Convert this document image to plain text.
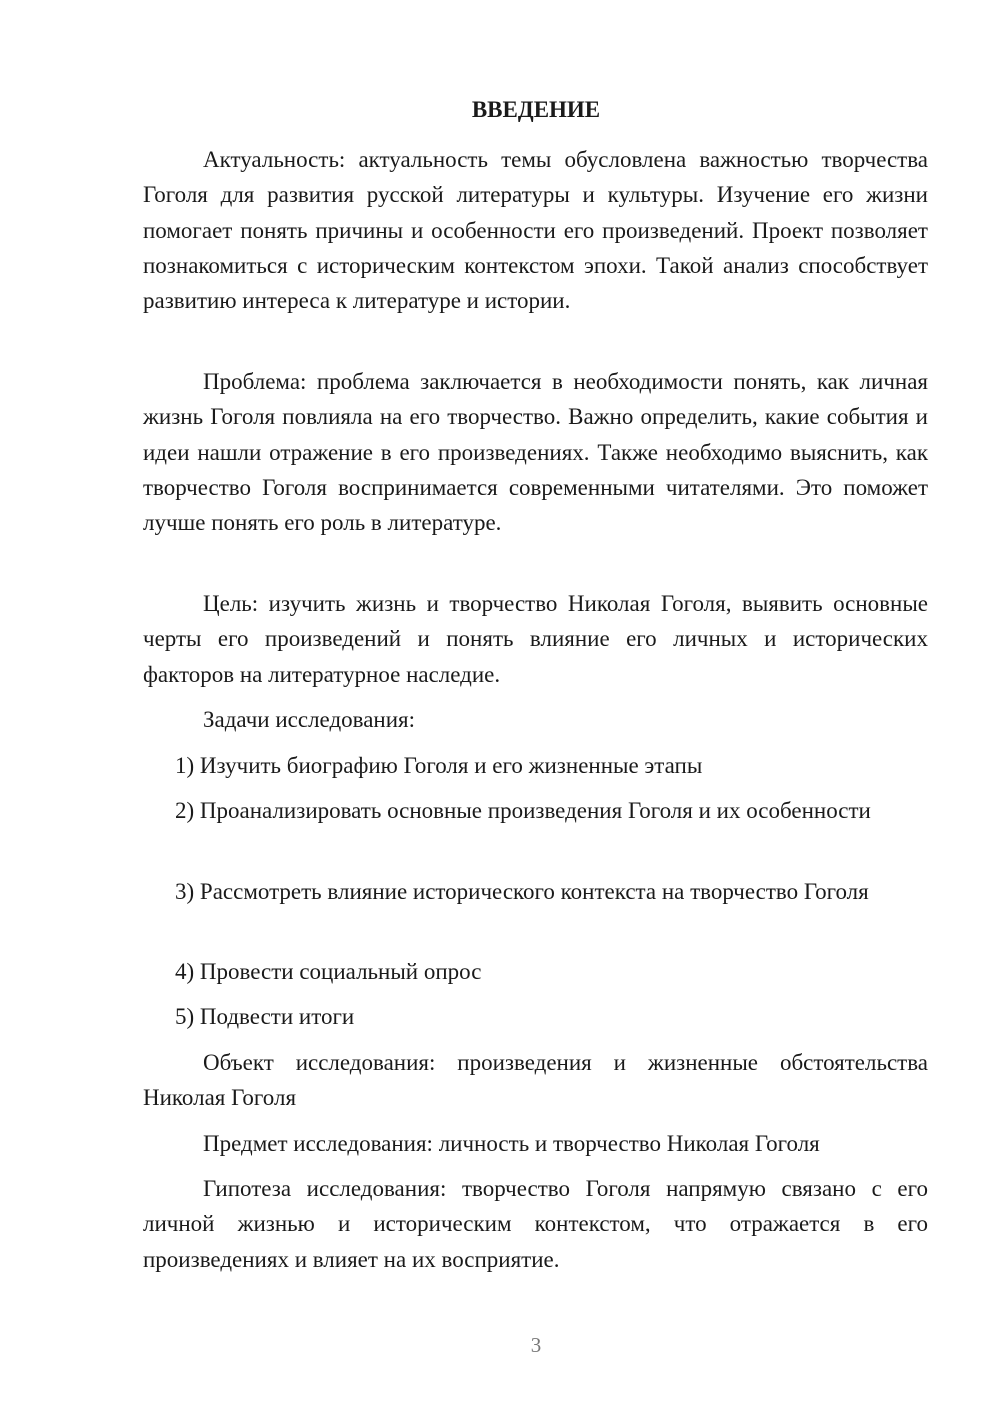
ВВЕДЕНИЕ

Актуальность: актуальность темы обусловлена важностью творчества Гоголя для развития русской литературы и культуры. Изучение его жизни помогает понять причины и особенности его произведений. Проект позволяет познакомиться с историческим контекстом эпохи. Такой анализ способствует развитию интереса к литературе и истории.

Проблема: проблема заключается в необходимости понять, как личная жизнь Гоголя повлияла на его творчество. Важно определить, какие события и идеи нашли отражение в его произведениях. Также необходимо выяснить, как творчество Гоголя воспринимается современными читателями. Это поможет лучше понять его роль в литературе.

Цель: изучить жизнь и творчество Николая Гоголя, выявить основные черты его произведений и понять влияние его личных и исторических факторов на литературное наследие.

Задачи исследования:

1) Изучить биографию Гоголя и его жизненные этапы

2) Проанализировать основные произведения Гоголя и их особенности

3) Рассмотреть влияние исторического контекста на творчество Гоголя

4) Провести социальный опрос

5) Подвести итоги

Объект исследования: произведения и жизненные обстоятельства Николая Гоголя

Предмет исследования: личность и творчество Николая Гоголя

Гипотеза исследования: творчество Гоголя напрямую связано с его личной жизнью и историческим контекстом, что отражается в его произведениях и влияет на их восприятие.

3
